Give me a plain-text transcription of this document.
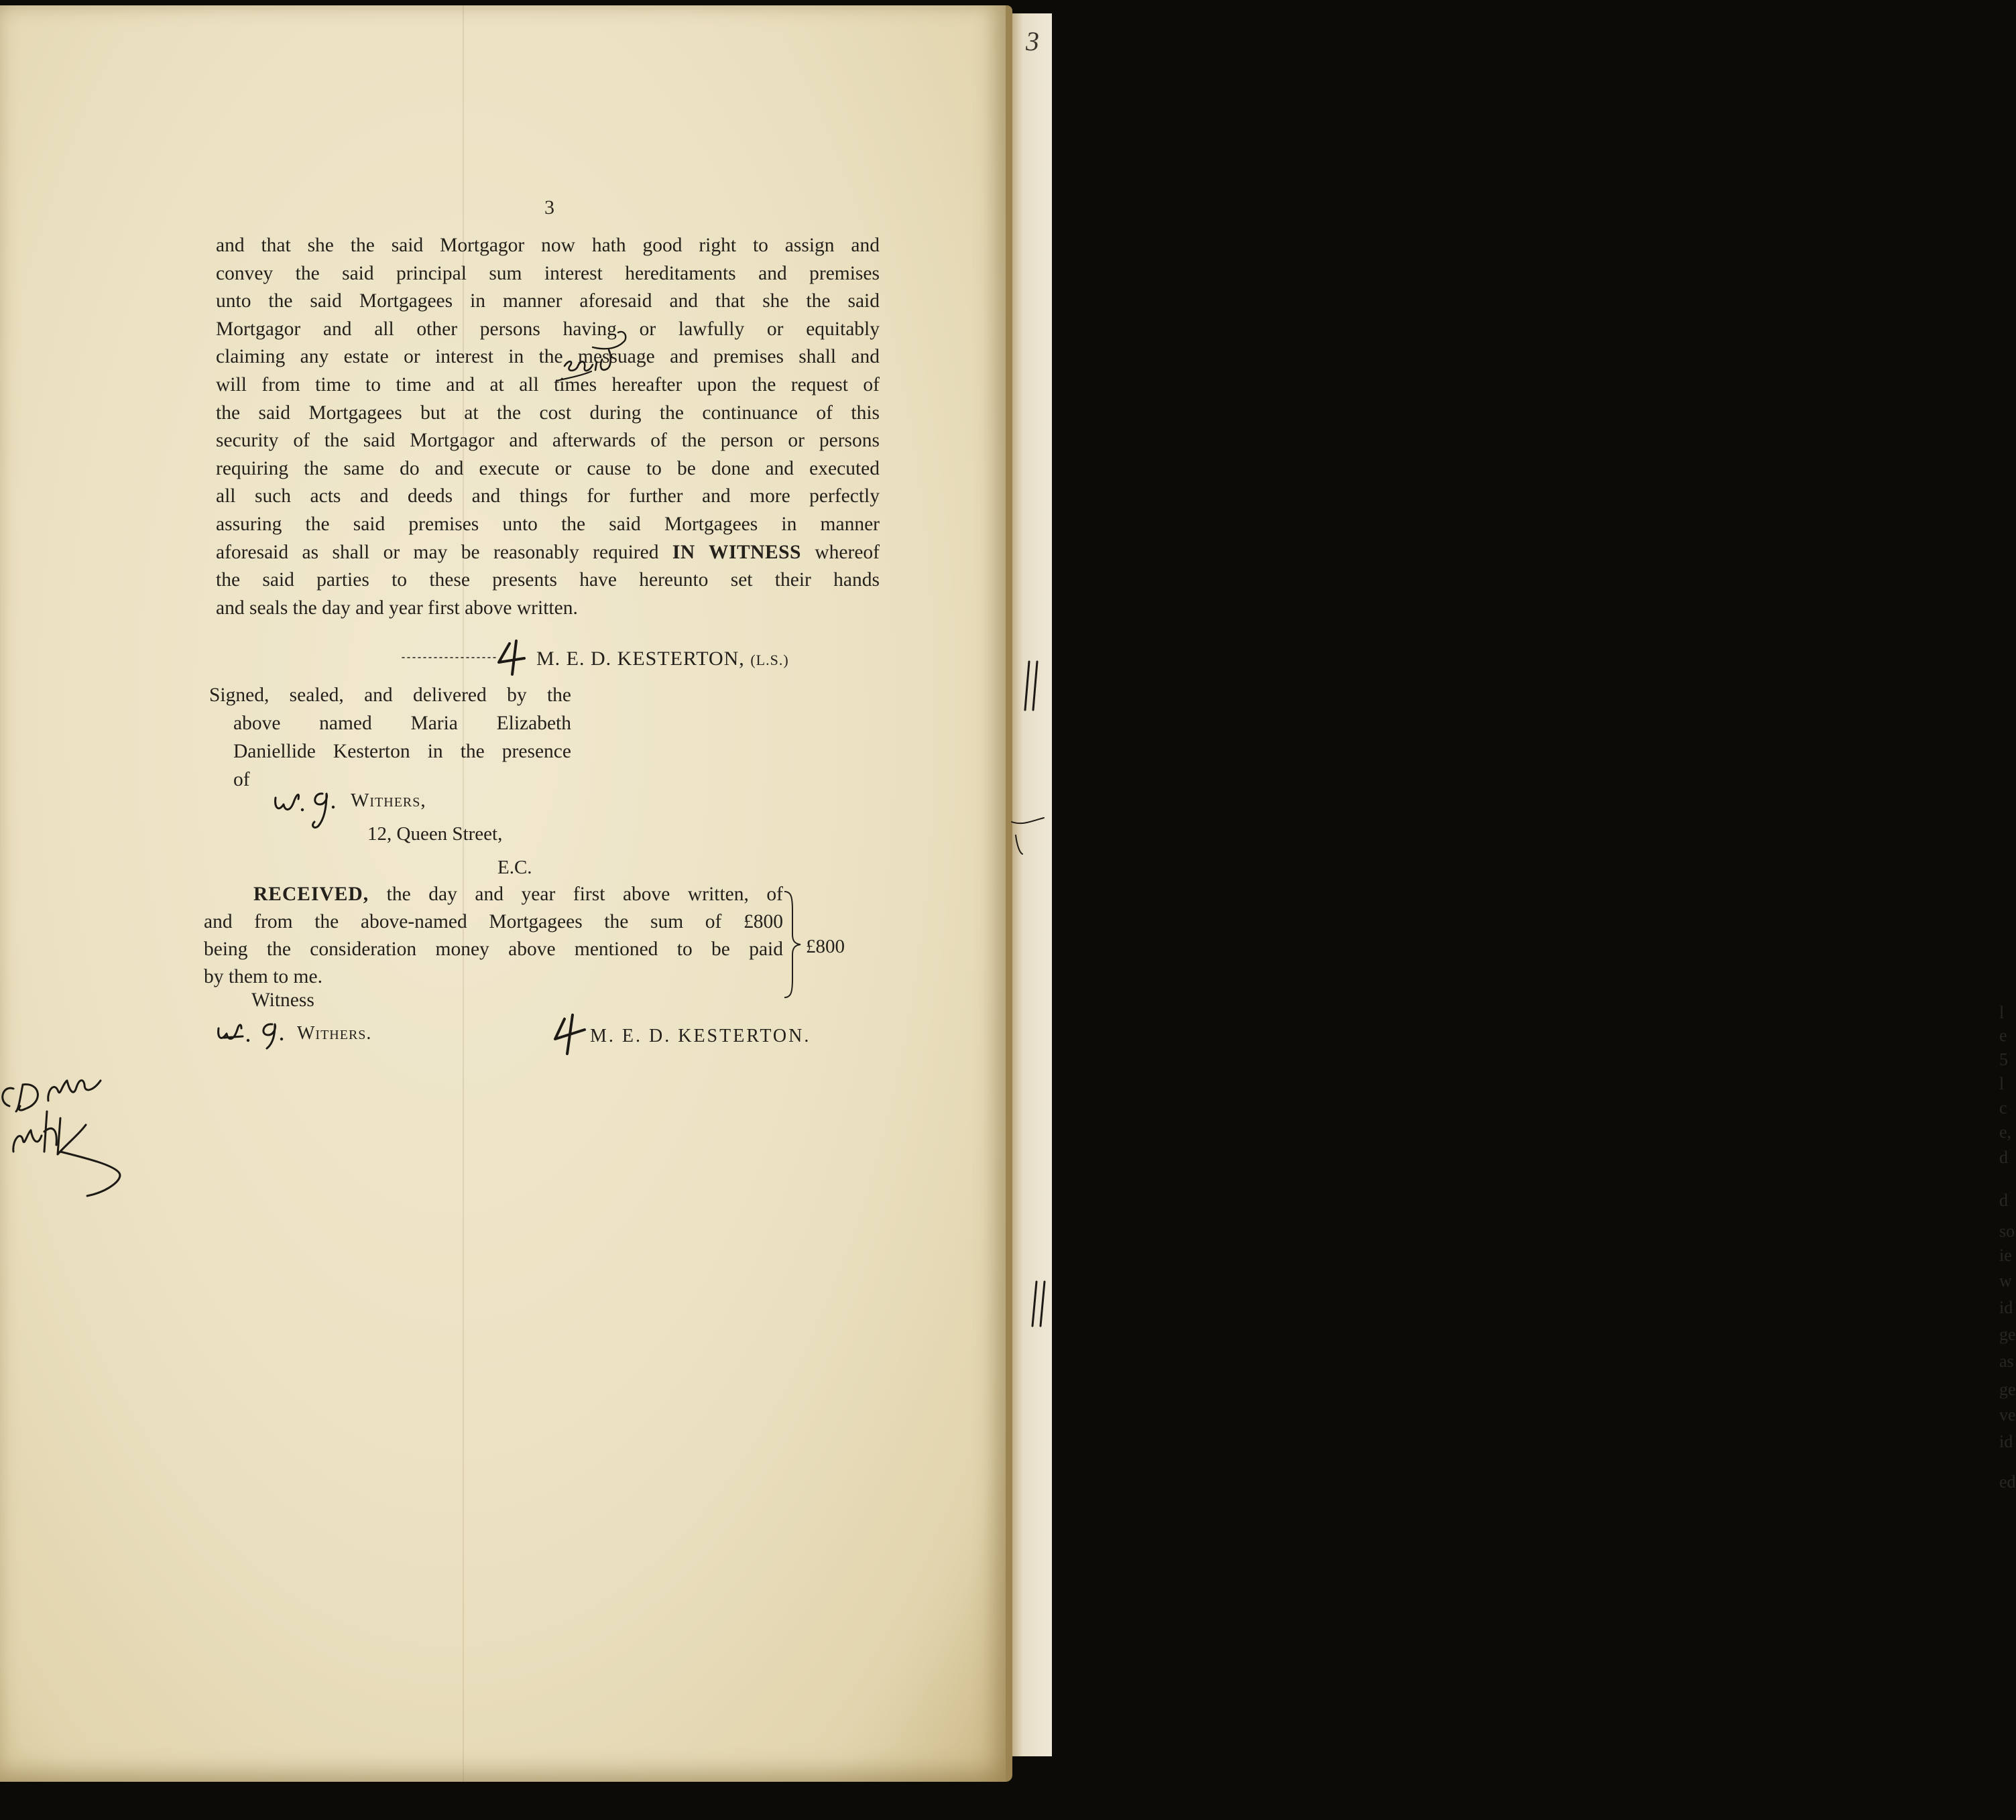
l
e
5
l
c
e,
d
d
so
ie
w
id
ge
as
ge
ve
id
ed
3
3
and that she the said Mortgagor now hath good right to assign and
convey the said principal sum interest hereditaments and premises
unto the said Mortgagees in manner aforesaid and that she the said
Mortgagor and all other persons having or lawfully or equitably
claiming any estate or interest in the messuage and premises shall and
will from time to time and at all times hereafter upon the request of
the said Mortgagees but at the cost during the continuance of this
security of the said Mortgagor and afterwards of the person or persons
requiring the same do and execute or cause to be done and executed
all such acts and deeds and things for further and more perfectly
assuring the said premises unto the said Mortgagees in manner
aforesaid as shall or may be reasonably required IN WITNESS whereof
the said parties to these presents have hereunto set their hands
and seals the day and year first above written.
M. E. D. KESTERTON, (L.S.)
Signed, sealed, and delivered by the
above named Maria Elizabeth
Daniellide Kesterton in the presence
of
Withers,
12, Queen Street,
E.C.
RECEIVED, the day and year first above written, of
and from the above-named Mortgagees the sum of £800
being the consideration money above mentioned to be paid
by them to me.
£800
Witness
Withers.	M. E. D. KESTERTON.
